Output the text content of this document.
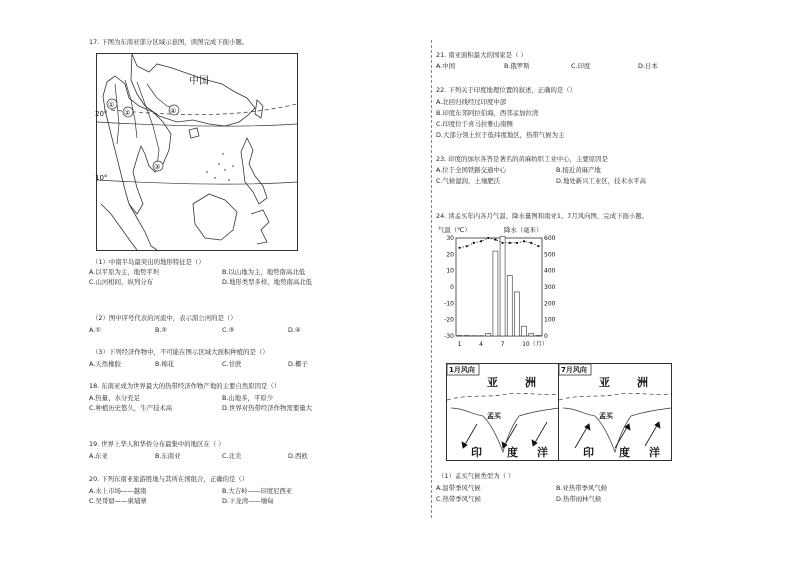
17. 下图为东南亚部分区域示意图，读图完成下面小题。
中国
20°
10°
①
②
③
④
（1）中南半岛最突出的地形特征是（）
A.以平原为主，地势平坦	B.以山地为主，地势南高北低
C.山河相间，纵列分布	D.地形类型多样，地势南高北低
（2）图中序号代表的河流中，表示湄公河的是（）
A.①	B.②	C.③	D.④
（3）下列经济作物中，不可能在图示区域大面积种植的是（）
A.天然橡胶	B.棉花	C.甘蔗	D.椰子
18. 东南亚成为世界最大的热带经济作物产地的主要自然原因是（）
A.热量、水分充足	B.山地多，平原少
C.种植历史悠久，生产技术高	D.世界对热带经济作物需要量大
19. 世界上华人和华侨分布最集中的地区在（ ）
A.东亚	B.东南亚	C.北美	D.西欧
20. 下列东南亚旅游胜地与其所在国组合，正确的是（）
A.水上市场——越南	B.大吉岭——印度尼西亚
C.吴哥窟——柬埔寨	D.下龙湾——缅甸
21. 南亚面积最大的国家是（ ）
A.中国	B.俄罗斯	C.印度	D.日本
22. 下列关于印度地理位置的叙述，正确的是（）
A.北回归线经过印度中部
B.印度东邻阿拉伯海，西邻孟加拉湾
C.印度位于喜马拉雅山南侧
D.大部分领土位于低纬度地区，热带气候为主
23. 印度的加尔各答是著名的黄麻纺织工业中心，主要原因是
A.位于全国铁路交通中心	B.接近黄麻产地
C.气候湿润，土壤肥沃	D.地处新兴工业区，技术水平高
24. 读孟买年内各月气温、降水量图和南亚1、7月风向图，完成下面小题。
气温（℃）	降水（毫米）
30
20
10
0
-10
-20
-30
600
500
400
300
200
100
0
1	4	7	10（月）
1月风向
亚 洲
孟买
印 度 洋
7月风向
亚 洲
孟买
印 度 洋
（1）孟买气候类型为（ ）
A.温带季风气候	B.亚热带季风气候
C.热带季风气候	D.热带雨林气候
